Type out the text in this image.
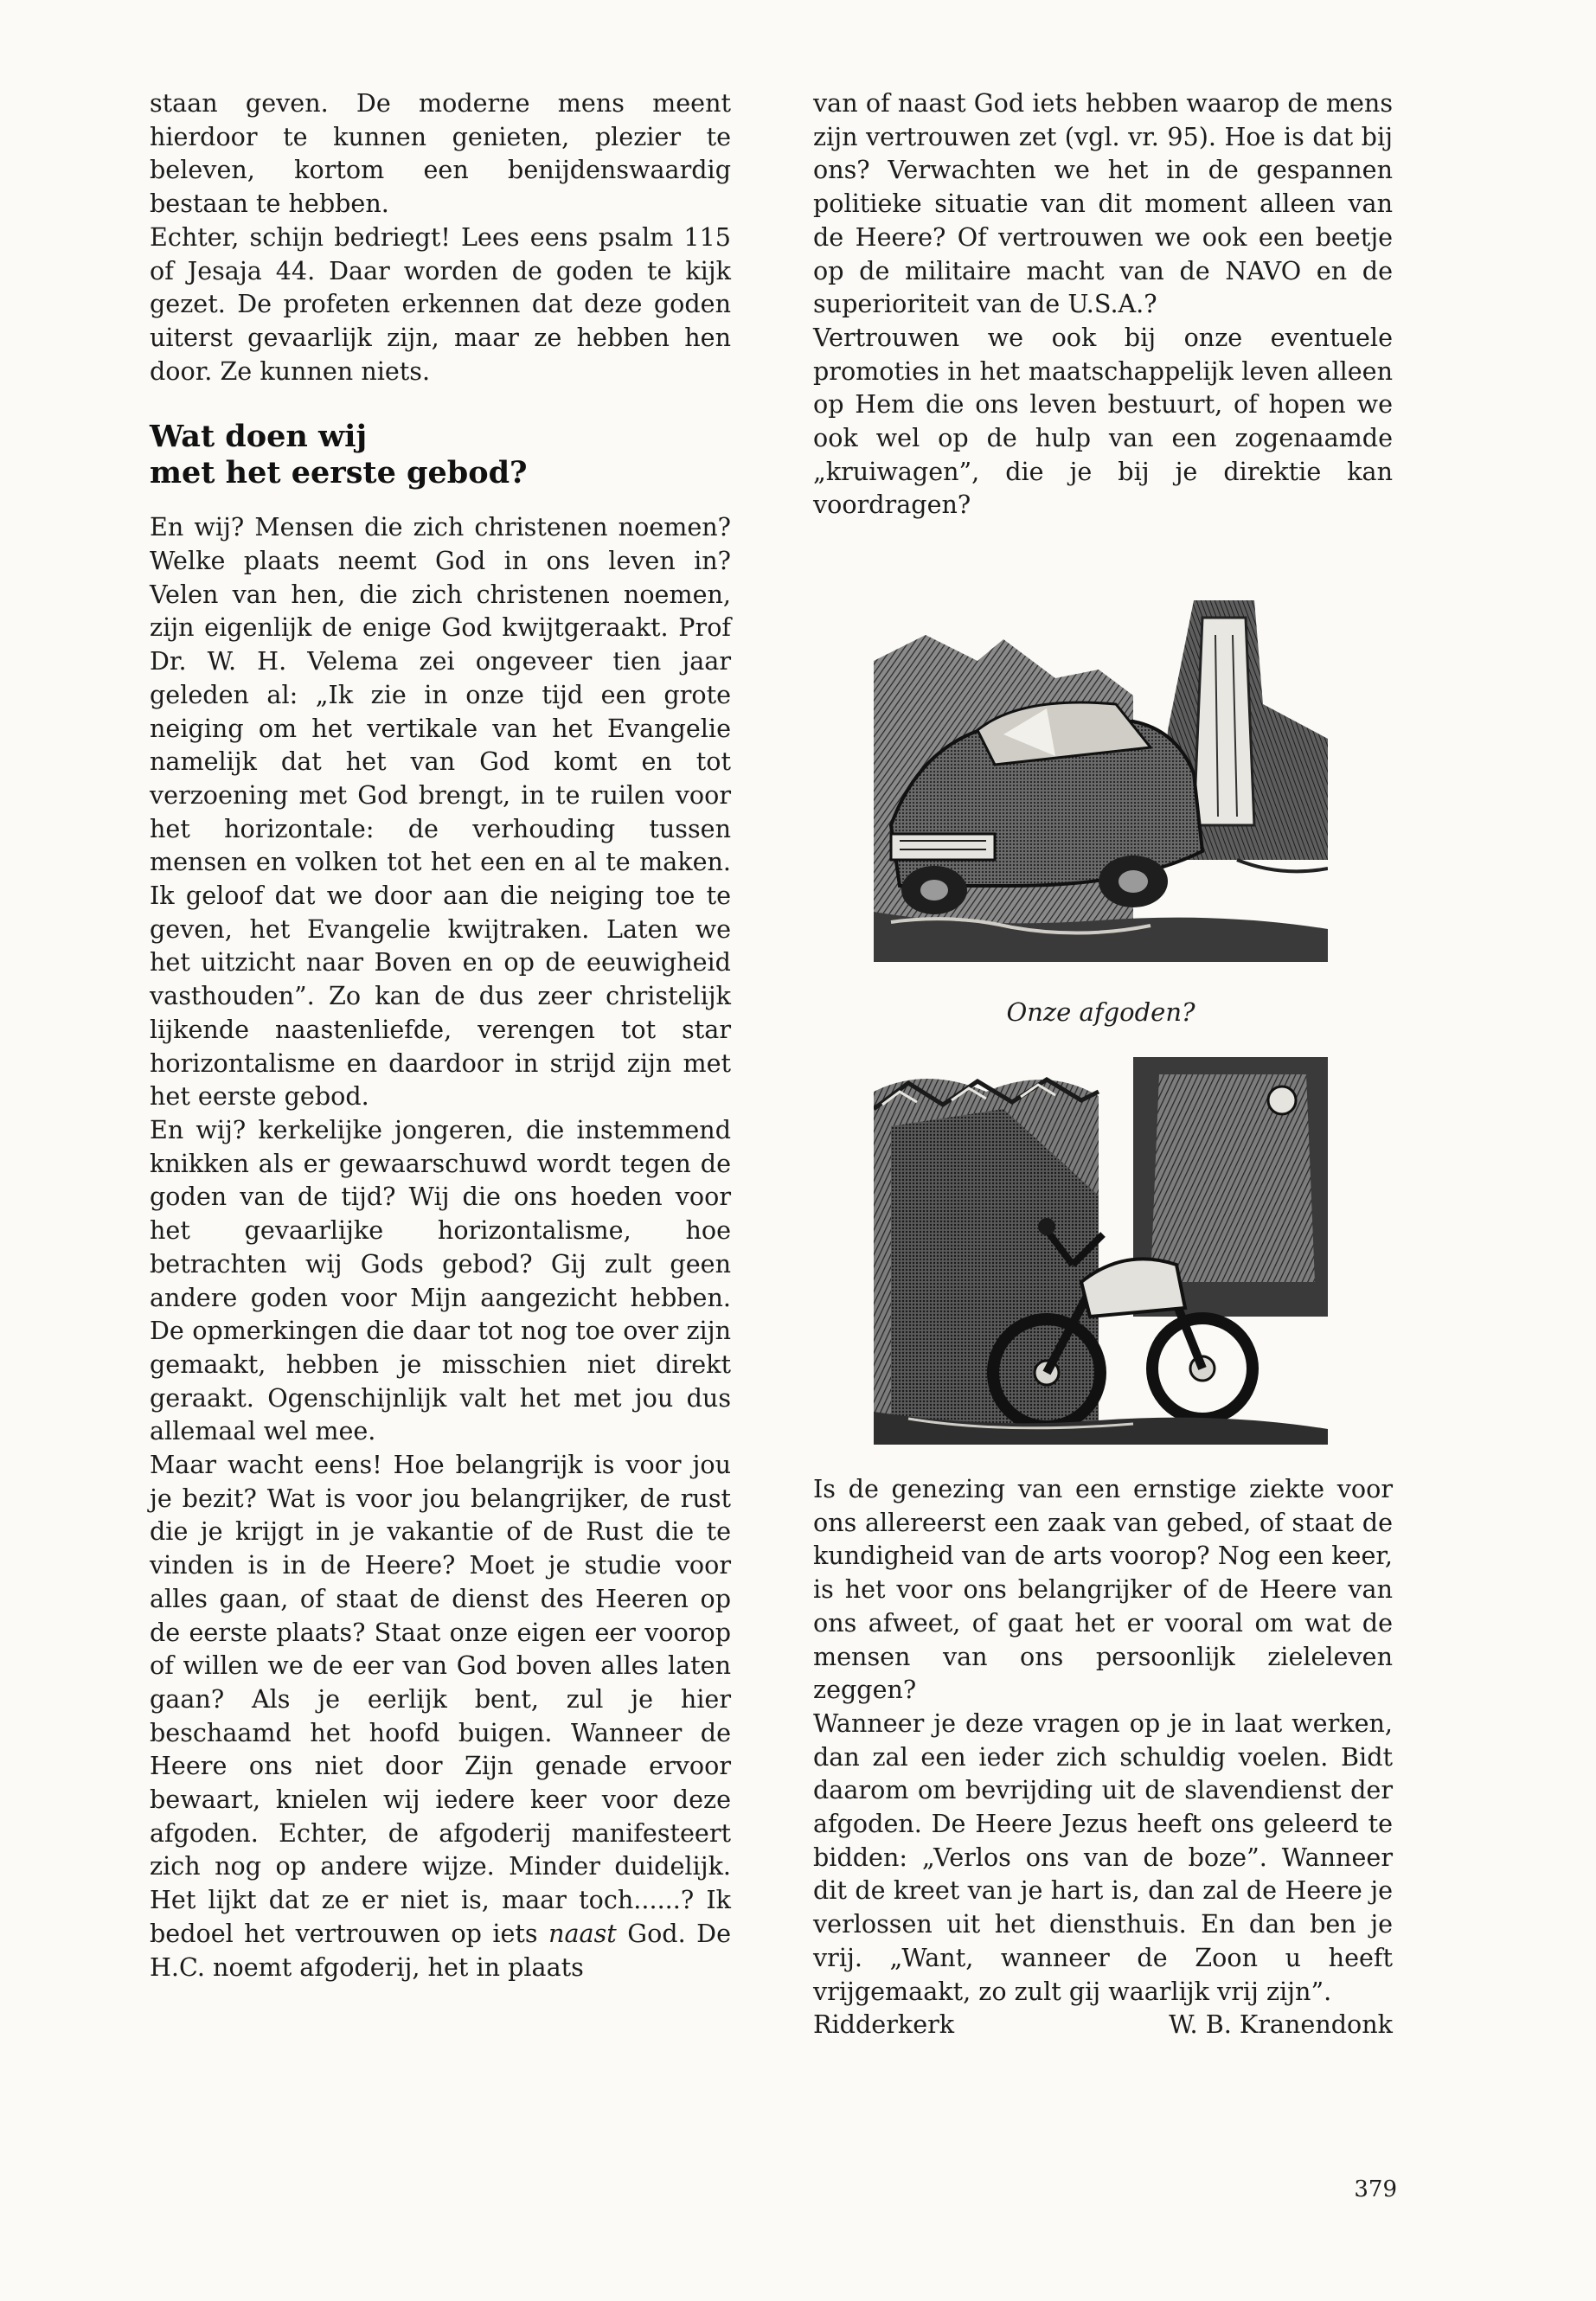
staan geven. De moderne mens meent hierdoor te kunnen genieten, plezier te beleven, kortom een benijdenswaardig bestaan te hebben.

Echter, schijn bedriegt! Lees eens psalm 115 of Jesaja 44. Daar worden de goden te kijk gezet. De profeten erkennen dat deze goden uiterst gevaarlijk zijn, maar ze hebben hen door. Ze kunnen niets.

Wat doen wij
met het eerste gebod?

En wij? Mensen die zich christenen noemen? Welke plaats neemt God in ons leven in? Velen van hen, die zich christenen noemen, zijn eigenlijk de enige God kwijtgeraakt. Prof Dr. W. H. Velema zei ongeveer tien jaar geleden al: „Ik zie in onze tijd een grote neiging om het vertikale van het Evangelie namelijk dat het van God komt en tot verzoening met God brengt, in te ruilen voor het horizontale: de verhouding tussen mensen en volken tot het een en al te maken. Ik geloof dat we door aan die neiging toe te geven, het Evangelie kwijtraken. Laten we het uitzicht naar Boven en op de eeuwigheid vasthouden”. Zo kan de dus zeer christelijk lijkende naastenliefde, verengen tot star horizontalisme en daardoor in strijd zijn met het eerste gebod.

En wij? kerkelijke jongeren, die instemmend knikken als er gewaarschuwd wordt tegen de goden van de tijd? Wij die ons hoeden voor het gevaarlijke horizontalisme, hoe betrachten wij Gods gebod? Gij zult geen andere goden voor Mijn aangezicht hebben. De opmerkingen die daar tot nog toe over zijn gemaakt, hebben je misschien niet direkt geraakt. Ogenschijnlijk valt het met jou dus allemaal wel mee.

Maar wacht eens! Hoe belangrijk is voor jou je bezit? Wat is voor jou belangrijker, de rust die je krijgt in je vakantie of de Rust die te vinden is in de Heere? Moet je studie voor alles gaan, of staat de dienst des Heeren op de eerste plaats? Staat onze eigen eer voorop of willen we de eer van God boven alles laten gaan? Als je eerlijk bent, zul je hier beschaamd het hoofd buigen. Wanneer de Heere ons niet door Zijn genade ervoor bewaart, knielen wij iedere keer voor deze afgoden. Echter, de afgoderij manifesteert zich nog op andere wijze. Minder duidelijk. Het lijkt dat ze er niet is, maar toch......? Ik bedoel het vertrouwen op iets naast God. De H.C. noemt afgoderij, het in plaats

van of naast God iets hebben waarop de mens zijn vertrouwen zet (vgl. vr. 95). Hoe is dat bij ons? Verwachten we het in de gespannen politieke situatie van dit moment alleen van de Heere? Of vertrouwen we ook een beetje op de militaire macht van de NAVO en de superioriteit van de U.S.A.?

Vertrouwen we ook bij onze eventuele promoties in het maatschappelijk leven alleen op Hem die ons leven bestuurt, of hopen we ook wel op de hulp van een zogenaamde „kruiwagen”, die je bij je direktie kan voordragen?

Onze afgoden?

Is de genezing van een ernstige ziekte voor ons allereerst een zaak van gebed, of staat de kundigheid van de arts voorop? Nog een keer, is het voor ons belangrijker of de Heere van ons afweet, of gaat het er vooral om wat de mensen van ons persoonlijk zieleleven zeggen?

Wanneer je deze vragen op je in laat werken, dan zal een ieder zich schuldig voelen. Bidt daarom om bevrijding uit de slavendienst der afgoden. De Heere Jezus heeft ons geleerd te bidden: „Verlos ons van de boze”. Wanneer dit de kreet van je hart is, dan zal de Heere je verlossen uit het diensthuis. En dan ben je vrij. „Want, wanneer de Zoon u heeft vrijgemaakt, zo zult gij waarlijk vrij zijn”.

Ridderkerk	W. B. Kranendonk
379
